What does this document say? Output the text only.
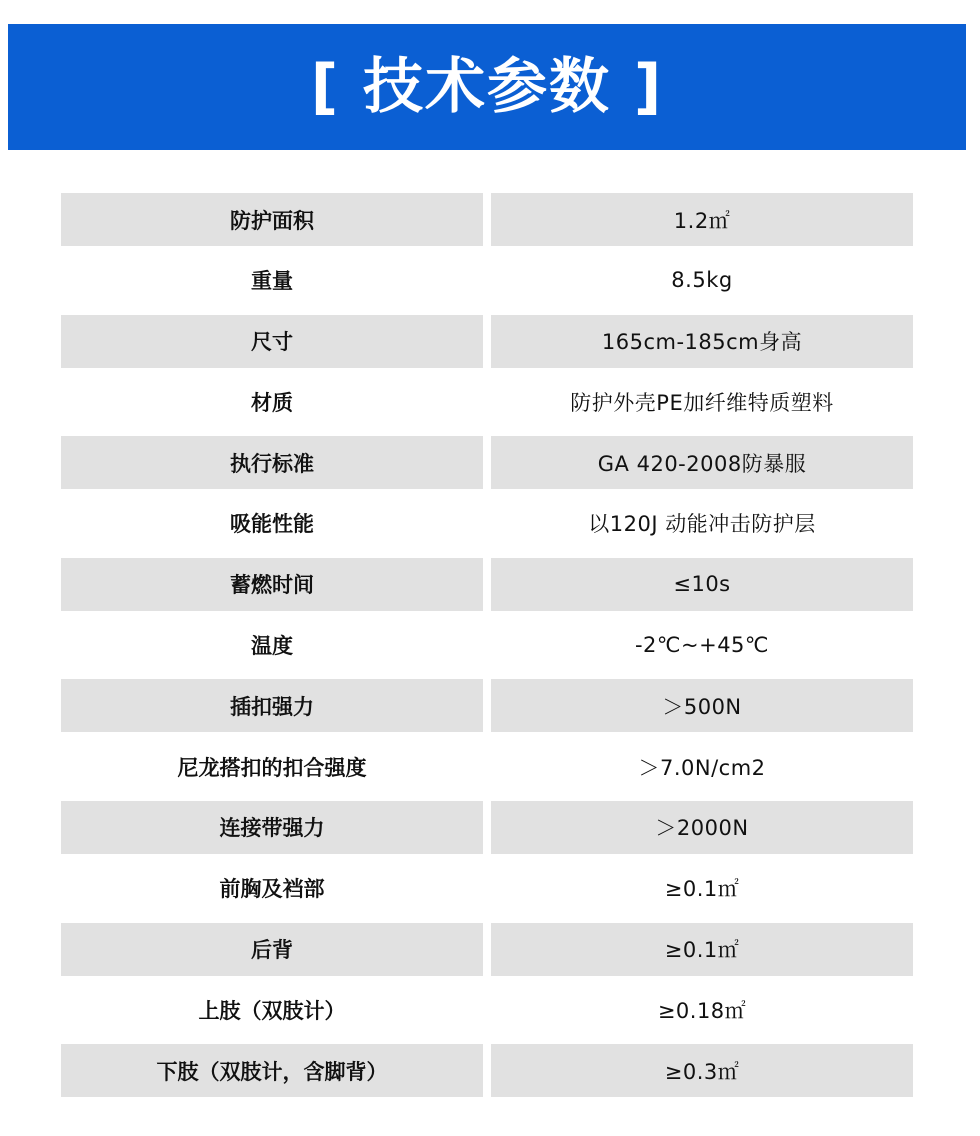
[ 技术参数 ]
防护面积	1.2㎡
重量	8.5kg
尺寸	165cm-185cm身高
材质	防护外壳PE加纤维特质塑料
执行标准	GA 420-2008防暴服
吸能性能	以120J 动能冲击防护层
蓄燃时间	≤10s
温度	-2℃~+45℃
插扣强力	＞500N
尼龙搭扣的扣合强度	＞7.0N/cm2
连接带强力	＞2000N
前胸及裆部	≥0.1㎡
后背	≥0.1㎡
上肢（双肢计）	≥0.18㎡
下肢（双肢计，含脚背）	≥0.3㎡
